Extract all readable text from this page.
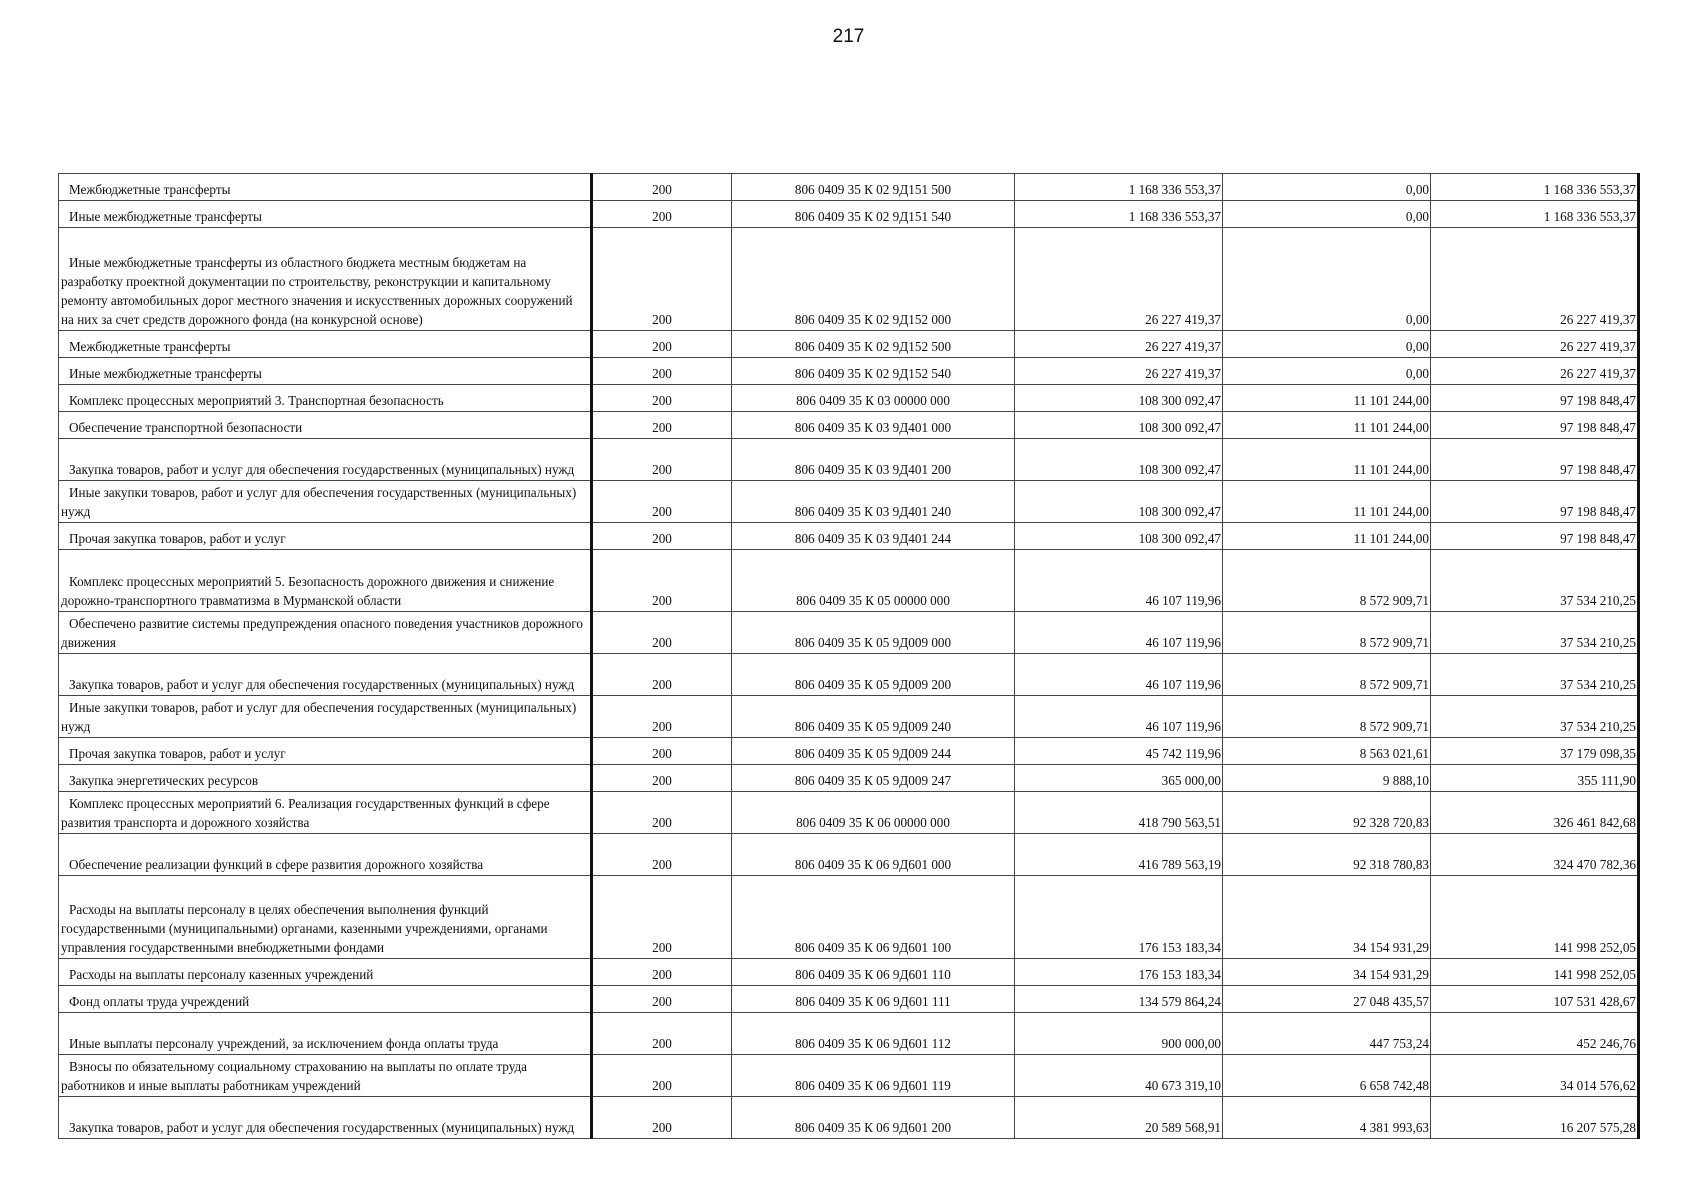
217
Межбюджетные трансферты	200	806 0409 35 К 02 9Д151 500	1 168 336 553,37	0,00	1 168 336 553,37
Иные межбюджетные трансферты	200	806 0409 35 К 02 9Д151 540	1 168 336 553,37	0,00	1 168 336 553,37
Иные межбюджетные трансферты из областного бюджета местным бюджетам на разработку проектной документации по строительству, реконструкции и капитальному ремонту автомобильных дорог местного значения и искусственных дорожных сооружений на них за счет средств дорожного фонда (на конкурсной основе)	200	806 0409 35 К 02 9Д152 000	26 227 419,37	0,00	26 227 419,37
Межбюджетные трансферты	200	806 0409 35 К 02 9Д152 500	26 227 419,37	0,00	26 227 419,37
Иные межбюджетные трансферты	200	806 0409 35 К 02 9Д152 540	26 227 419,37	0,00	26 227 419,37
Комплекс процессных мероприятий 3. Транспортная безопасность	200	806 0409 35 К 03 00000 000	108 300 092,47	11 101 244,00	97 198 848,47
Обеспечение транспортной безопасности	200	806 0409 35 К 03 9Д401 000	108 300 092,47	11 101 244,00	97 198 848,47
Закупка товаров, работ и услуг для обеспечения государственных (муниципальных) нужд	200	806 0409 35 К 03 9Д401 200	108 300 092,47	11 101 244,00	97 198 848,47
Иные закупки товаров, работ и услуг для обеспечения государственных (муниципальных) нужд	200	806 0409 35 К 03 9Д401 240	108 300 092,47	11 101 244,00	97 198 848,47
Прочая закупка товаров, работ и услуг	200	806 0409 35 К 03 9Д401 244	108 300 092,47	11 101 244,00	97 198 848,47
Комплекс процессных мероприятий 5. Безопасность дорожного движения и снижение дорожно-транспортного травматизма в Мурманской области	200	806 0409 35 К 05 00000 000	46 107 119,96	8 572 909,71	37 534 210,25
Обеспечено развитие системы предупреждения опасного поведения участников дорожного движения	200	806 0409 35 К 05 9Д009 000	46 107 119,96	8 572 909,71	37 534 210,25
Закупка товаров, работ и услуг для обеспечения государственных (муниципальных) нужд	200	806 0409 35 К 05 9Д009 200	46 107 119,96	8 572 909,71	37 534 210,25
Иные закупки товаров, работ и услуг для обеспечения государственных (муниципальных) нужд	200	806 0409 35 К 05 9Д009 240	46 107 119,96	8 572 909,71	37 534 210,25
Прочая закупка товаров, работ и услуг	200	806 0409 35 К 05 9Д009 244	45 742 119,96	8 563 021,61	37 179 098,35
Закупка энергетических ресурсов	200	806 0409 35 К 05 9Д009 247	365 000,00	9 888,10	355 111,90
Комплекс процессных мероприятий 6. Реализация государственных функций в сфере развития транспорта и дорожного хозяйства	200	806 0409 35 К 06 00000 000	418 790 563,51	92 328 720,83	326 461 842,68
Обеспечение реализации функций в сфере развития дорожного хозяйства	200	806 0409 35 К 06 9Д601 000	416 789 563,19	92 318 780,83	324 470 782,36
Расходы на выплаты персоналу в целях обеспечения выполнения функций государственными (муниципальными) органами, казенными учреждениями, органами управления государственными внебюджетными фондами	200	806 0409 35 К 06 9Д601 100	176 153 183,34	34 154 931,29	141 998 252,05
Расходы на выплаты персоналу казенных учреждений	200	806 0409 35 К 06 9Д601 110	176 153 183,34	34 154 931,29	141 998 252,05
Фонд оплаты труда учреждений	200	806 0409 35 К 06 9Д601 111	134 579 864,24	27 048 435,57	107 531 428,67
Иные выплаты персоналу учреждений, за исключением фонда оплаты труда	200	806 0409 35 К 06 9Д601 112	900 000,00	447 753,24	452 246,76
Взносы по обязательному социальному страхованию на выплаты по оплате труда работников и иные выплаты работникам учреждений	200	806 0409 35 К 06 9Д601 119	40 673 319,10	6 658 742,48	34 014 576,62
Закупка товаров, работ и услуг для обеспечения государственных (муниципальных) нужд	200	806 0409 35 К 06 9Д601 200	20 589 568,91	4 381 993,63	16 207 575,28
